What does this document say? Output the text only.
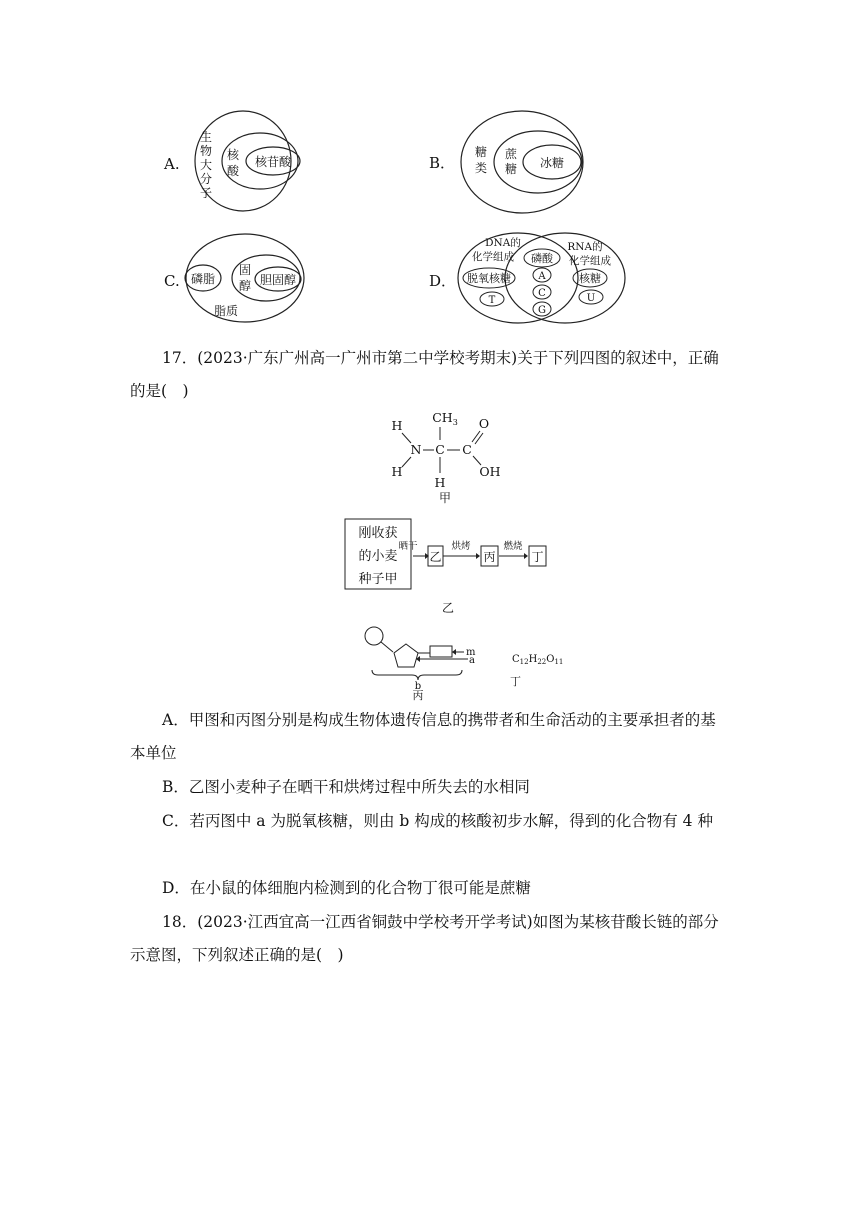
A.
生
物
大
分
子
核
酸
核苷酸	B．
糖
类
蔗
糖 冰糖
C. 磷脂
固
醇 胆固醇
脂质
D．
DNA的
化学组成
RNA的
化学组成
磷酸
脱氧核糖	核糖
A
C
G
T	U

17．(2023·广东广州高一广州市第二中学校考期末)关于下列四图的叙述中，正确的是(　)

H
H
N C C
O
OH
H
$CH_3$
甲
刚收获
的小麦
种子甲
晒干
乙
烘烤
丙
燃烧
丁
乙
m
a
b
丙
$C_{12}H_{22}O_{11}$
丁

A．甲图和丙图分别是构成生物体遗传信息的携带者和生命活动的主要承担者的基本单位

B．乙图小麦种子在晒干和烘烤过程中所失去的水相同

C．若丙图中 a 为脱氧核糖，则由 b 构成的核酸初步水解，得到的化合物有 4 种

D．在小鼠的体细胞内检测到的化合物丁很可能是蔗糖

18．(2023·江西宜高一江西省铜鼓中学校考开学考试)如图为某核苷酸长链的部分示意图，下列叙述正确的是(　)
